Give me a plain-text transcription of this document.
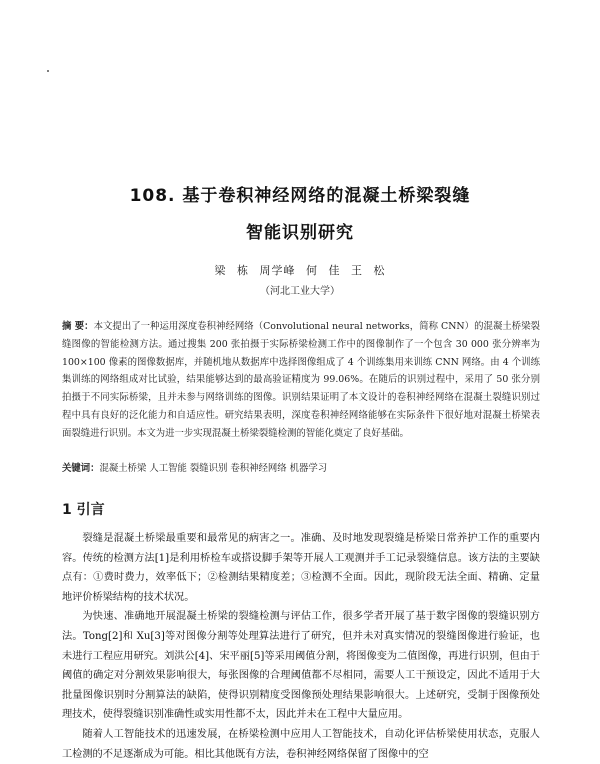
108. 基于卷积神经网络的混凝土桥梁裂缝
智能识别研究
梁 栋 周学峰 何 佳 王 松
（河北工业大学）
摘 要：本文提出了一种运用深度卷积神经网络（Convolutional neural networks，简称 CNN）的混凝土桥梁裂缝图像的智能检测方法。通过搜集 200 张拍摄于实际桥梁检测工作中的图像制作了一个包含 30 000 张分辨率为 100×100 像素的图像数据库，并随机地从数据库中选择图像组成了 4 个训练集用来训练 CNN 网络。由 4 个训练集训练的网络组成对比试验，结果能够达到的最高验证精度为 99.06%。在随后的识别过程中，采用了 50 张分别拍摄于不同实际桥梁，且并未参与网络训练的图像。识别结果证明了本文设计的卷积神经网络在混凝土裂缝识别过程中具有良好的泛化能力和自适应性。研究结果表明，深度卷积神经网络能够在实际条件下很好地对混凝土桥梁表面裂缝进行识别。本文为进一步实现混凝土桥梁裂缝检测的智能化奠定了良好基础。
关键词：混凝土桥梁 人工智能 裂缝识别 卷积神经网络 机器学习
1 引言

裂缝是混凝土桥梁最重要和最常见的病害之一。准确、及时地发现裂缝是桥梁日常养护工作的重要内容。传统的检测方法[1]是利用桥检车或搭设脚手架等开展人工观测并手工记录裂缝信息。该方法的主要缺点有：①费时费力，效率低下；②检测结果精度差；③检测不全面。因此，现阶段无法全面、精确、定量地评价桥梁结构的技术状况。

为快速、准确地开展混凝土桥梁的裂缝检测与评估工作，很多学者开展了基于数字图像的裂缝识别方法。Tong[2]和 Xu[3]等对图像分割等处理算法进行了研究，但并未对真实情况的裂缝图像进行验证，也未进行工程应用研究。刘洪公[4]、宋平丽[5]等采用阈值分割，将图像变为二值图像，再进行识别，但由于阈值的确定对分割效果影响很大，每张图像的合理阈值都不尽相同，需要人工干预设定，因此不适用于大批量图像识别时分割算法的缺陷，使得识别精度受图像预处理结果影响很大。上述研究，受制于图像预处理技术，使得裂缝识别准确性或实用性都不太，因此并未在工程中大量应用。

随着人工智能技术的迅速发展，在桥梁检测中应用人工智能技术，自动化评估桥梁使用状态，克服人工检测的不足逐渐成为可能。相比其他既有方法，卷积神经网络保留了图像中的空
